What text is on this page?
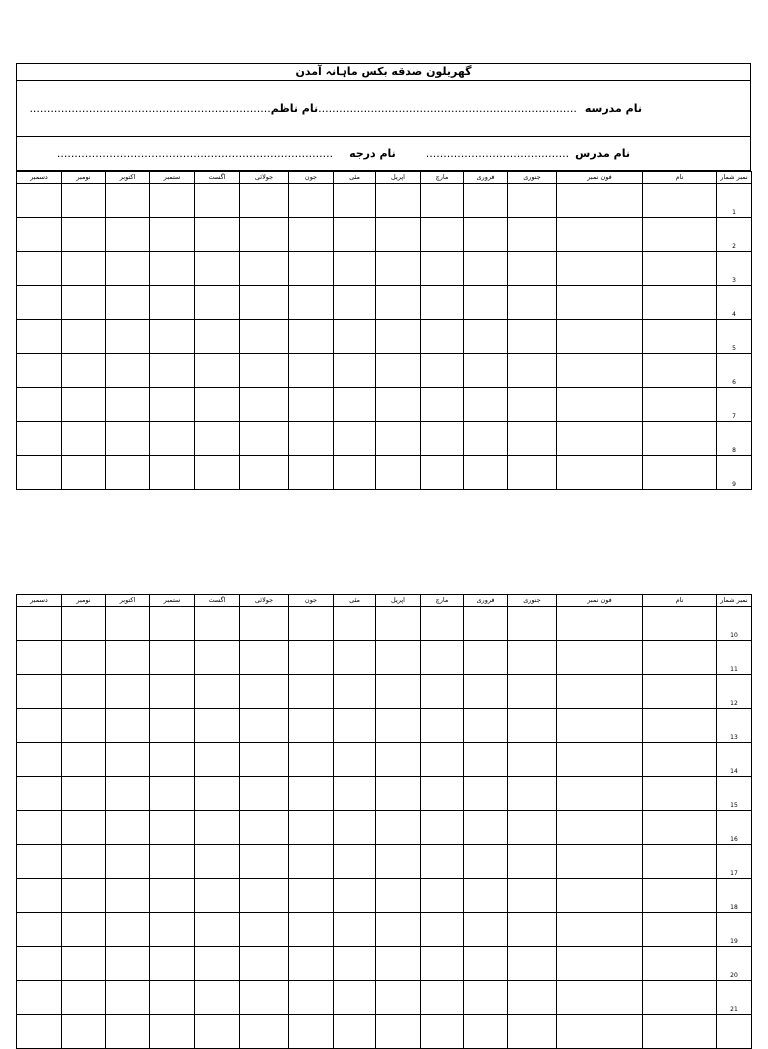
گهریلون صدقه بکس ماہانہ آمدن

نام مدرسه
..........................................................................
نام ناظم
.....................................................................

نام مدرس
.........................................
نام درجه
...............................................................................
دسمبر	نومبر	اکتوبر	ستمبر	اگست	جولائی	جون	مئی	اپریل	مارچ	فروری	جنوری	فون نمبر	نام	نمبر شمار
														1
														2
														3
														4
														5
														6
														7
														8
														9
دسمبر	نومبر	اکتوبر	ستمبر	اگست	جولائی	جون	مئی	اپریل	مارچ	فروری	جنوری	فون نمبر	نام	نمبر شمار
														10
														11
														12
														13
														14
														15
														16
														17
														18
														19
														20
														21
